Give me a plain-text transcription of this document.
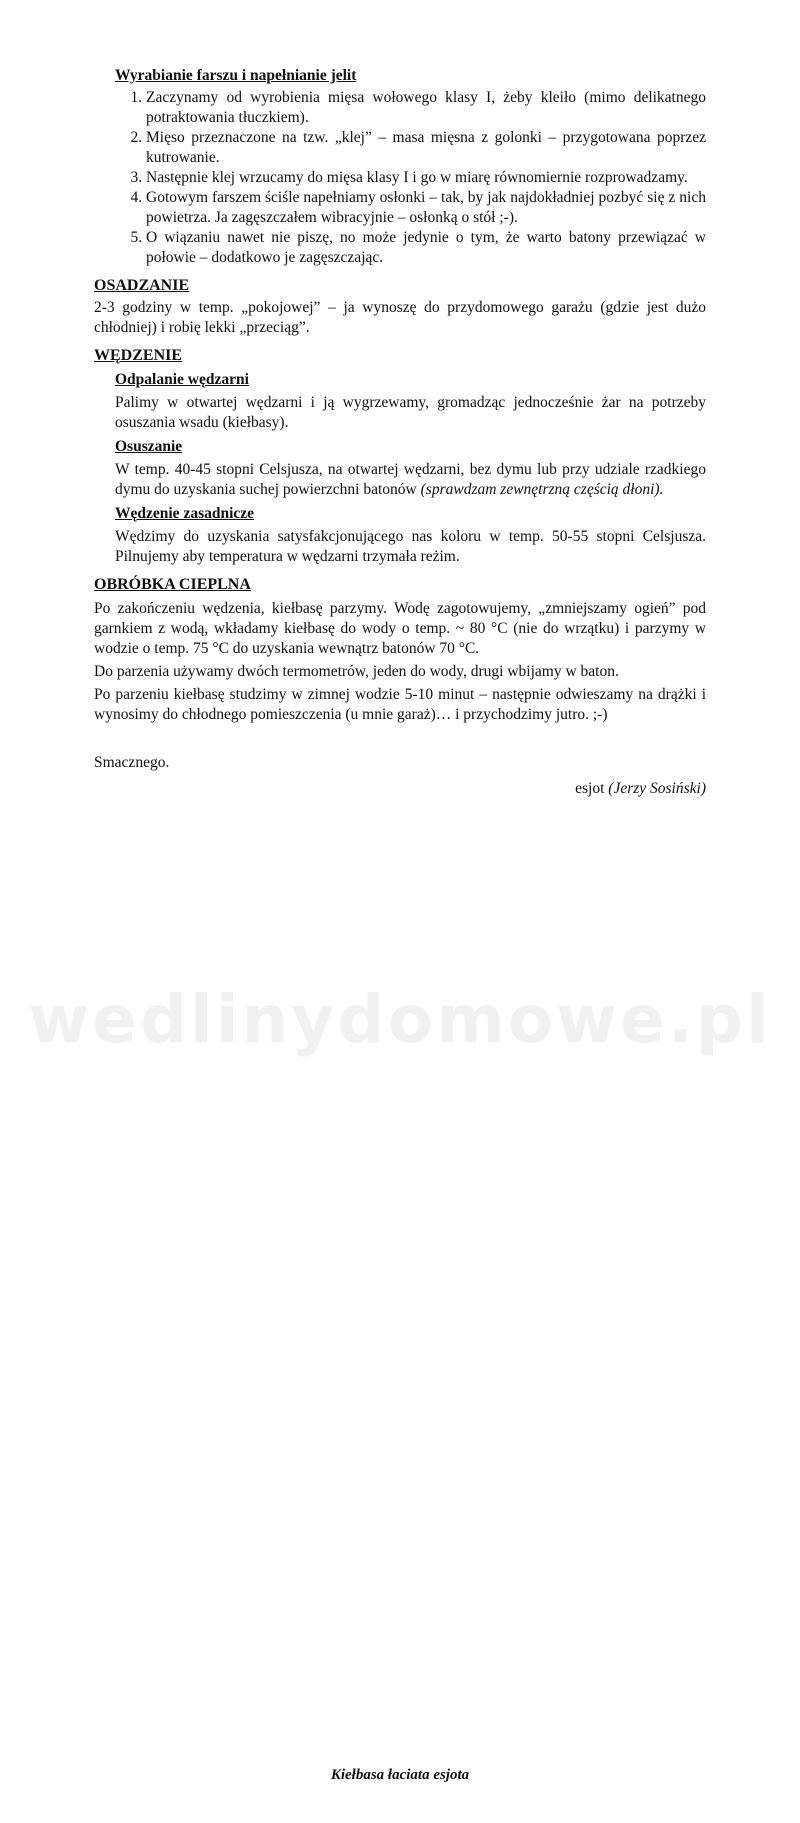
wedlinydomowe.pl
Wyrabianie farszu i napełnianie jelit
1. Zaczynamy od wyrobienia mięsa wołowego klasy I, żeby kleiło (mimo delikatnego potraktowania tłuczkiem).
2. Mięso przeznaczone na tzw. „klej” – masa mięsna z golonki – przygotowana poprzez kutrowanie.
3. Następnie klej wrzucamy do mięsa klasy I i go w miarę równomiernie rozprowadzamy.
4. Gotowym farszem ściśle napełniamy osłonki – tak, by jak najdokładniej pozbyć się z nich powietrza. Ja zagęszczałem wibracyjnie – osłonką o stół ;-).
5. O wiązaniu nawet nie piszę, no może jedynie o tym, że warto batony przewiązać w połowie – dodatkowo je zagęszczając.
OSADZANIE

2-3 godziny w temp. „pokojowej” – ja wynoszę do przydomowego garażu (gdzie jest dużo chłodniej) i robię lekki „przeciąg”.

WĘDZENIE
Odpalanie wędzarni

Palimy w otwartej wędzarni i ją wygrzewamy, gromadząc jednocześnie żar na potrzeby osuszania wsadu (kiełbasy).

Osuszanie

W temp. 40-45 stopni Celsjusza, na otwartej wędzarni, bez dymu lub przy udziale rzadkiego dymu do uzyskania suchej powierzchni batonów (sprawdzam zewnętrzną częścią dłoni).

Wędzenie zasadnicze

Wędzimy do uzyskania satysfakcjonującego nas koloru w temp. 50-55 stopni Celsjusza. Pilnujemy aby temperatura w wędzarni trzymała reżim.

OBRÓBKA CIEPLNA

Po zakończeniu wędzenia, kiełbasę parzymy. Wodę zagotowujemy, „zmniejszamy ogień” pod garnkiem z wodą, wkładamy kiełbasę do wody o temp. ~ 80 °C (nie do wrzątku) i parzymy w wodzie o temp. 75 °C do uzyskania wewnątrz batonów 70 °C.

Do parzenia używamy dwóch termometrów, jeden do wody, drugi wbijamy w baton.

Po parzeniu kiełbasę studzimy w zimnej wodzie 5-10 minut – następnie odwieszamy na drążki i wynosimy do chłodnego pomieszczenia (u mnie garaż)… i przychodzimy jutro. ;-)

Smacznego.

esjot (Jerzy Sosiński)

Kiełbasa łaciata esjota
